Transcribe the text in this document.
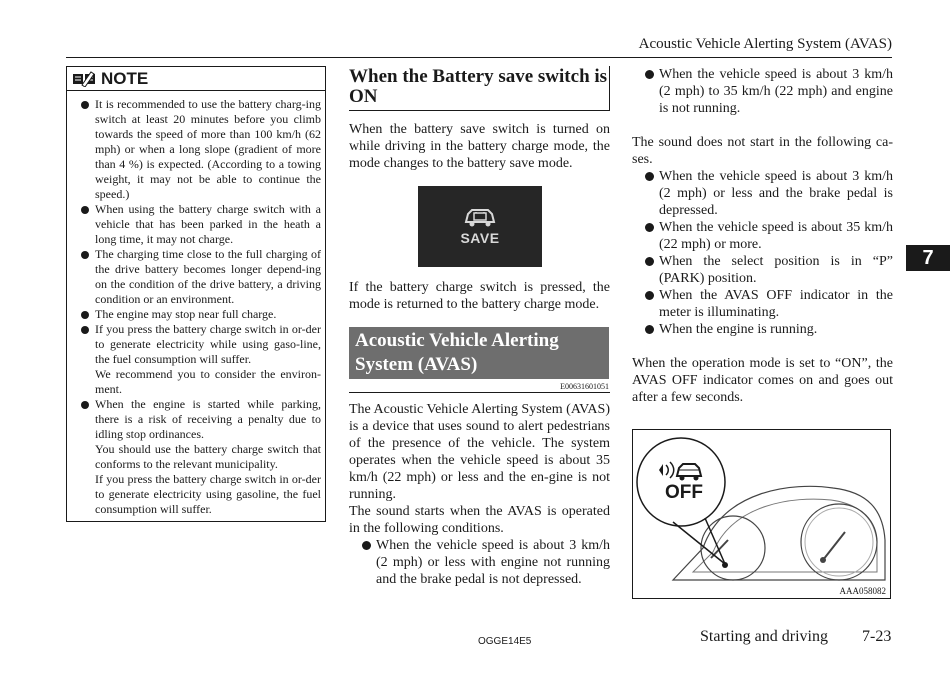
Acoustic Vehicle Alerting System (AVAS)
NOTE

It is recommended to use the battery charg-ing switch at least 20 minutes before you climb towards the speed of more than 100 km/h (62 mph) or when a long slope (gradient of more than 4 %) is expected. (According to a towing weight, it may not be able to continue the speed.)

When using the battery charge switch with a vehicle that has been parked in the heath a long time, it may not charge.

The charging time close to the full charging of the drive battery becomes longer depend-ing on the condition of the drive battery, a driving condition or an environment.

The engine may stop near full charge.

If you press the battery charge switch in or-der to generate electricity while using gaso-line, the fuel consumption will suffer.

We recommend you to consider the environ-ment.

When the engine is started while parking, there is a risk of receiving a penalty due to idling stop ordinances.

You should use the battery charge switch that conforms to the relevant municipality.

If you press the battery charge switch in or-der to generate electricity using gasoline, the fuel consumption will suffer.

When the Battery save switch is ON

When the battery save switch is turned on while driving in the battery charge mode, the mode changes to the battery save mode.

SAVE

If the battery charge switch is pressed, the mode is returned to the battery charge mode.

Acoustic Vehicle Alerting System (AVAS)
E00631601051

The Acoustic Vehicle Alerting System (AVAS) is a device that uses sound to alert pedestrians of the presence of the vehicle. The system operates when the vehicle speed is about 35 km/h (22 mph) or less and the en-gine is not running.

The sound starts when the AVAS is operated in the following conditions.

When the vehicle speed is about 3 km/h (2 mph) or less with engine not running and the brake pedal is not depressed.
When the vehicle speed is about 3 km/h (2 mph) to 35 km/h (22 mph) and engine is not running.

The sound does not start in the following ca-ses.

When the vehicle speed is about 3 km/h (2 mph) or less and the brake pedal is depressed.
When the vehicle speed is about 35 km/h (22 mph) or more.
When the select position is in “P” (PARK) position.
When the AVAS OFF indicator in the meter is illuminating.
When the engine is running.

When the operation mode is set to “ON”, the AVAS OFF indicator comes on and goes out after a few seconds.

7
OFF
AAA058082
OGGE14E5	Starting and driving 7-23
